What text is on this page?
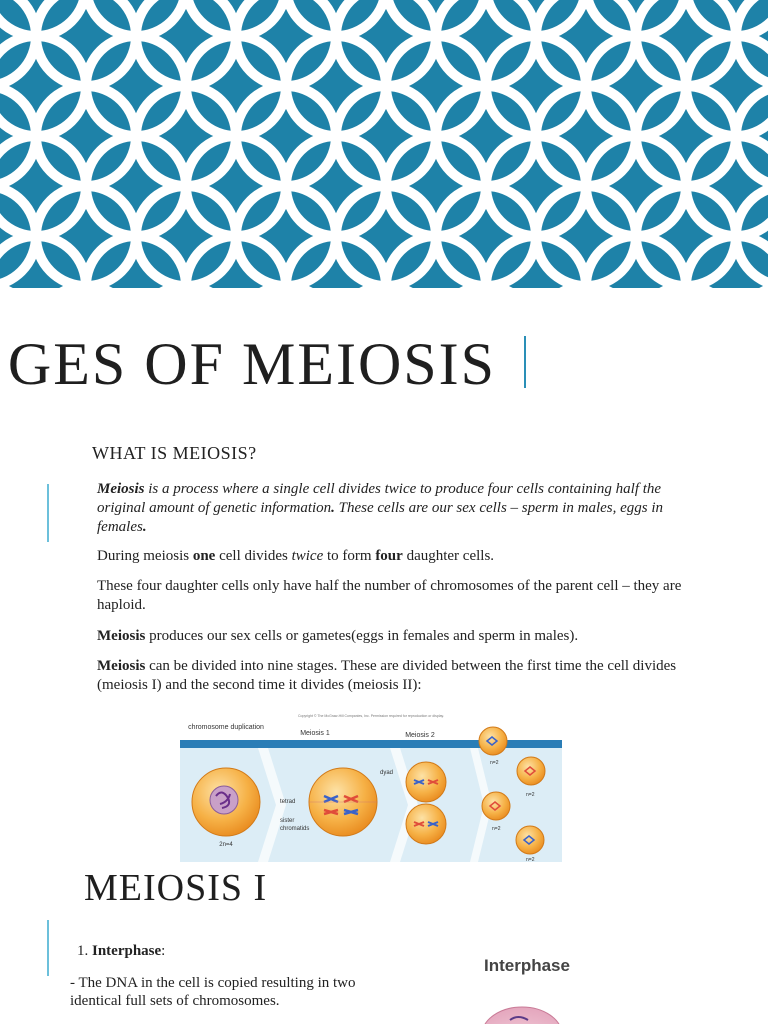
GES OF MEIOSIS
WHAT IS MEIOSIS?

Meiosis is a process where a single cell divides twice to produce four cells containing half the original amount of genetic information. These cells are our sex cells – sperm in males, eggs in females.

During meiosis one cell divides twice to form four daughter cells.

These four daughter cells only have half the number of chromosomes of the parent cell – they are haploid.

Meiosis produces our sex cells or gametes(eggs in females and sperm in males).

Meiosis can be divided into nine stages. These are divided between the first time the cell divides (meiosis I) and the second time it divides (meiosis II):

Copyright © The McGraw-Hill Companies, Inc. Permission required for reproduction or display.
chromosome duplication
Meiosis 1	Meiosis 2
2n=4
tetrad
sister
chromatids
dyad
n=2
n=2
n=2
n=2
MEIOSIS I
1. Interphase:

- The DNA in the cell is copied resulting in two identical full sets of chromosomes.

Interphase
